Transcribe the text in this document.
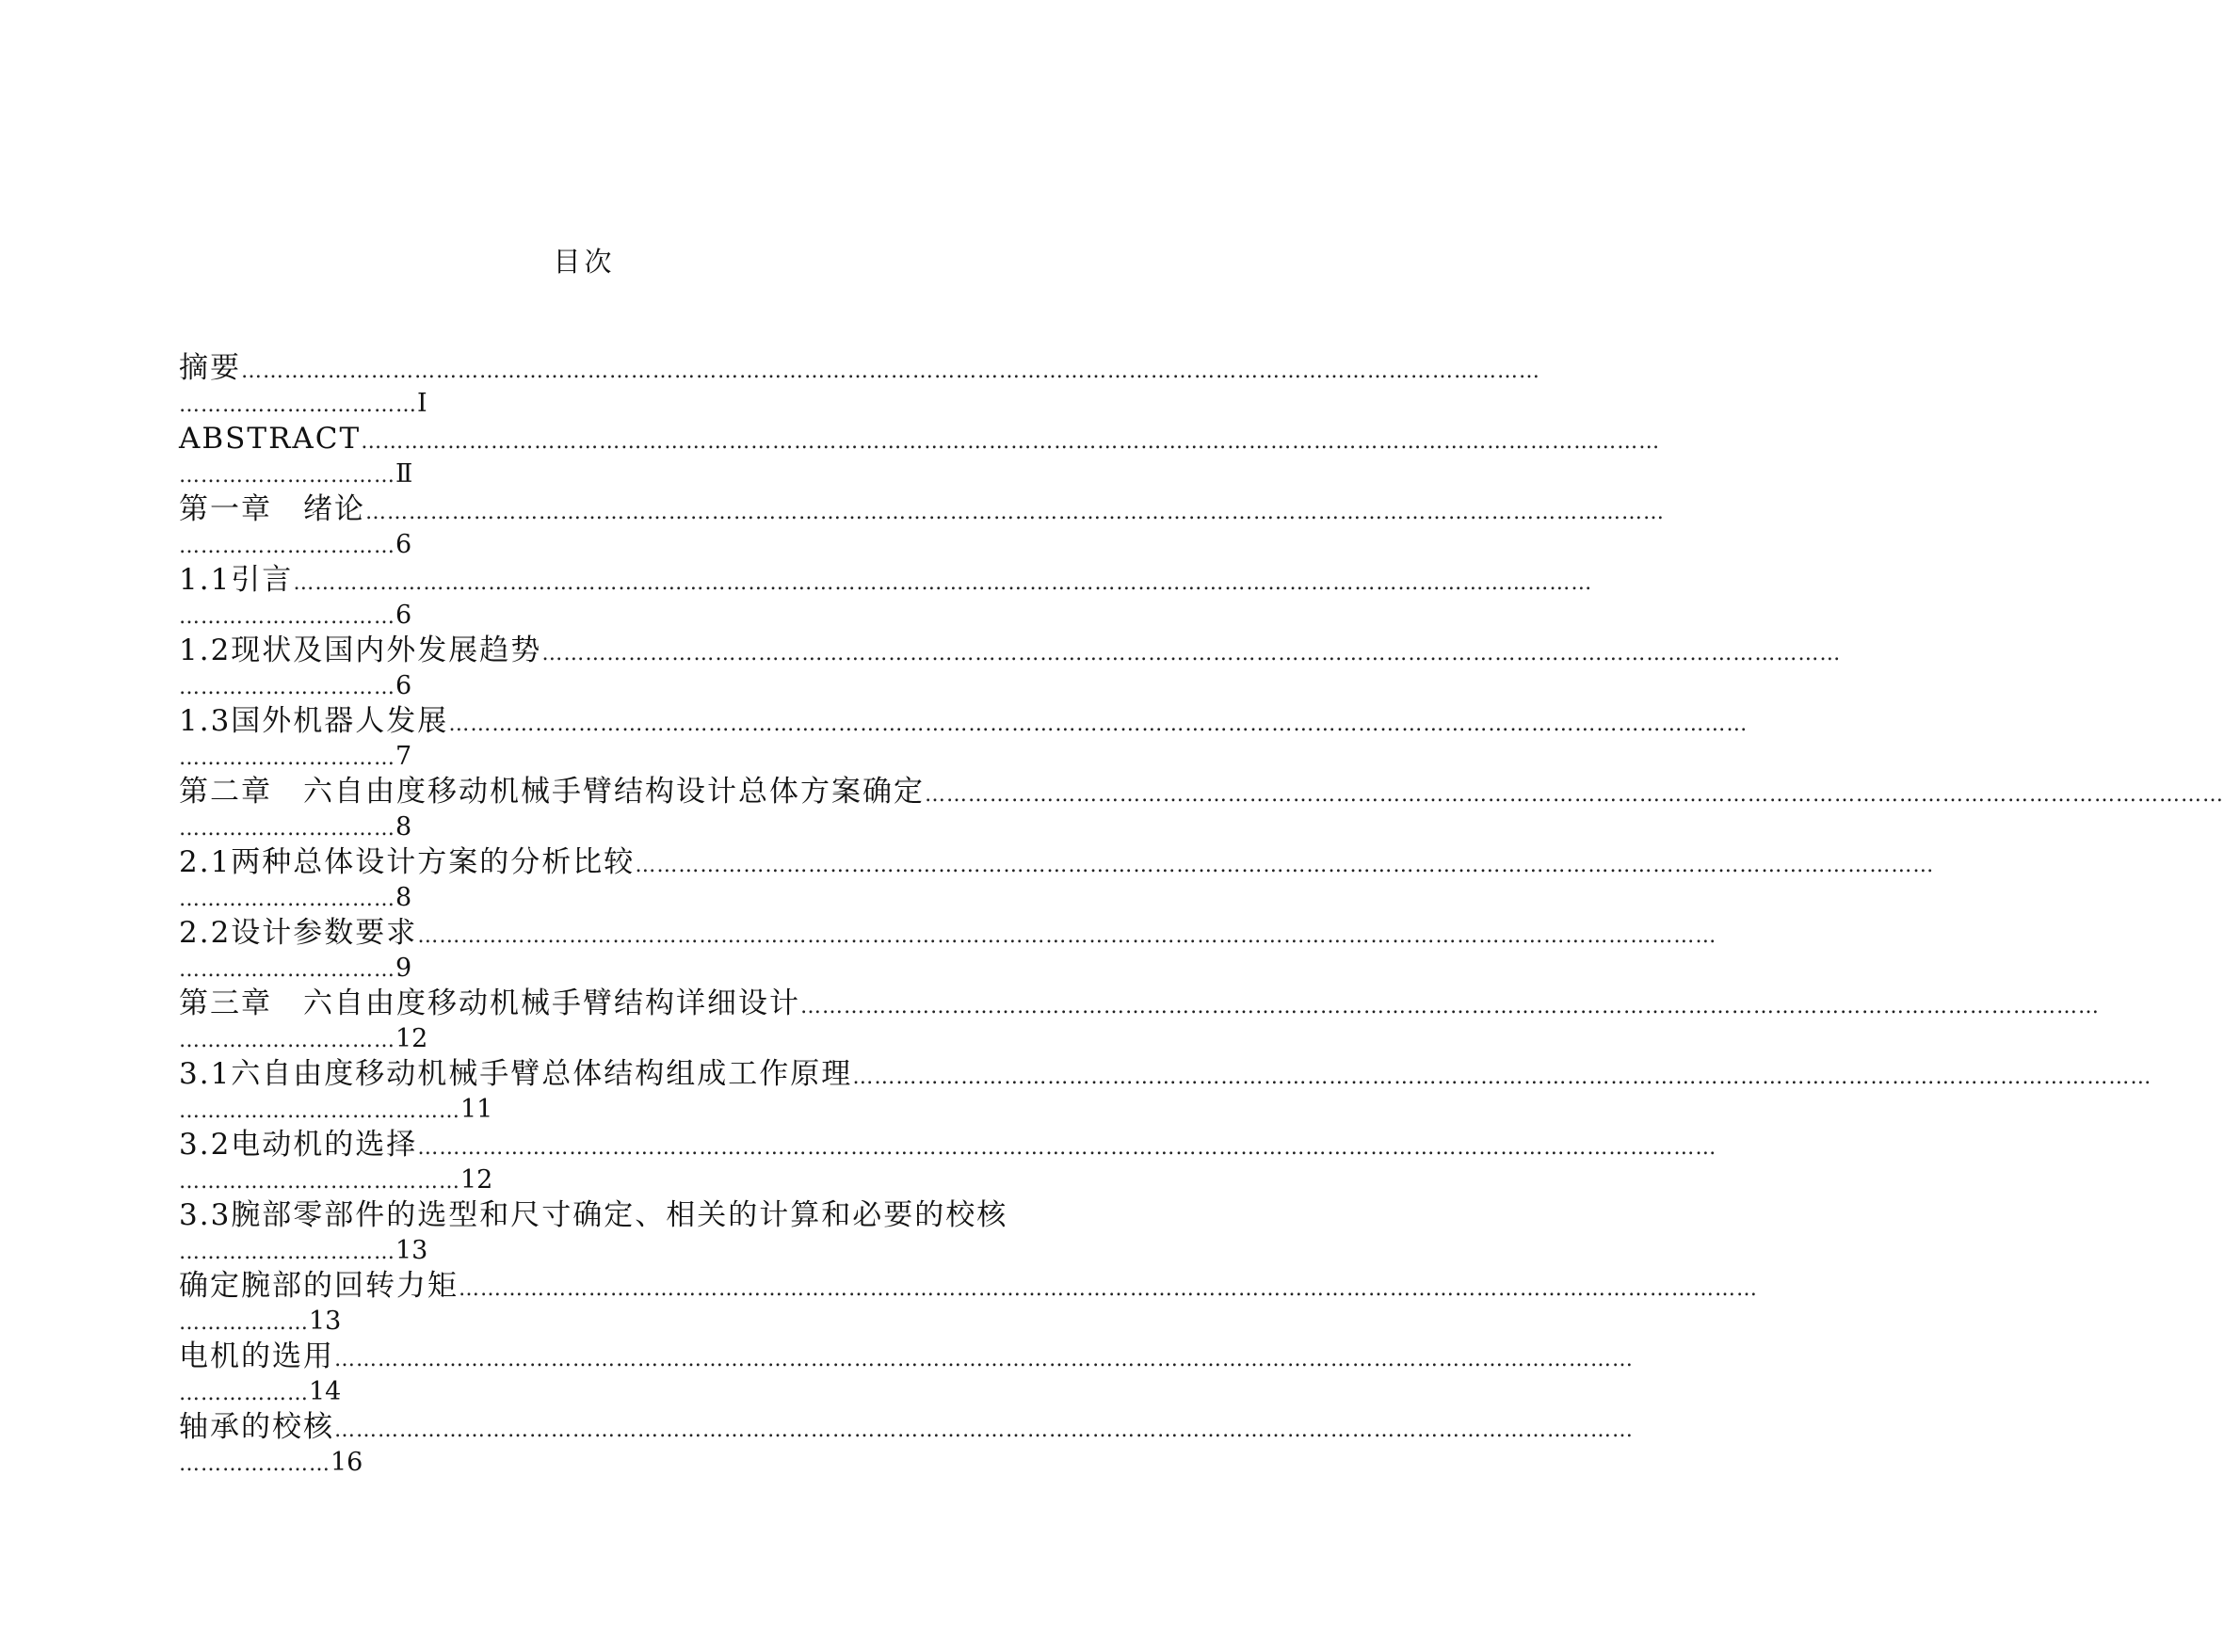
目次
摘要 ………………………………………………………………………………………………………………………………………………………………
…………………………… Ⅰ
ABSTRACT ………………………………………………………………………………………………………………………………………………………………
………………………… Ⅱ
第一章　绪论 ………………………………………………………………………………………………………………………………………………………………
………………………… 6
1.1引言 ………………………………………………………………………………………………………………………………………………………………
………………………… 6
1.2现状及国内外发展趋势 ………………………………………………………………………………………………………………………………………………………………
………………………… 6
1.3国外机器人发展 ………………………………………………………………………………………………………………………………………………………………
………………………… 7
第二章　六自由度移动机械手臂结构设计总体方案确定 ………………………………………………………………………………………………………………………………………………………………
………………………… 8
2.1两种总体设计方案的分析比较 ………………………………………………………………………………………………………………………………………………………………
………………………… 8
2.2设计参数要求 ………………………………………………………………………………………………………………………………………………………………
………………………… 9
第三章　六自由度移动机械手臂结构详细设计 ………………………………………………………………………………………………………………………………………………………………
………………………… 12
3.1六自由度移动机械手臂总体结构组成工作原理 ………………………………………………………………………………………………………………………………………………………………
………………………………… 11
3.2电动机的选择 ………………………………………………………………………………………………………………………………………………………………
………………………………… 12
3.3腕部零部件的选型和尺寸确定、相关的计算和必要的校核
………………………… 13
确定腕部的回转力矩 ………………………………………………………………………………………………………………………………………………………………
……………… 13
电机的选用 ………………………………………………………………………………………………………………………………………………………………
……………… 14
轴承的校核 ………………………………………………………………………………………………………………………………………………………………
………………… 16
